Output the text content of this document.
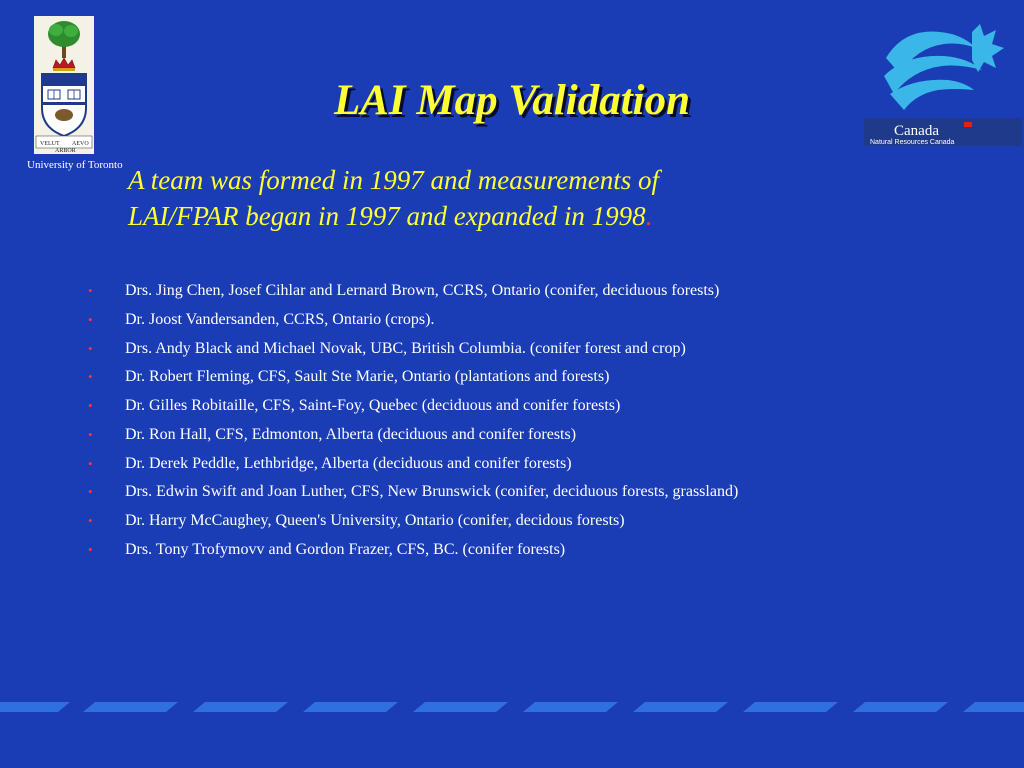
VELUT AEVO
ARBOR
University of Toronto
Canada
Natural Resources Canada
LAI Map Validation
A team was formed in 1997 and measurements of
LAI/FPAR began in 1997 and expanded in 1998.
• Drs. Jing Chen, Josef Cihlar and Lernard Brown, CCRS, Ontario (conifer, deciduous forests)
• Dr. Joost Vandersanden, CCRS, Ontario (crops).
• Drs. Andy Black and Michael Novak, UBC, British Columbia. (conifer forest and crop)
• Dr. Robert Fleming, CFS, Sault Ste Marie, Ontario (plantations and forests)
• Dr. Gilles Robitaille, CFS, Saint-Foy, Quebec (deciduous and conifer forests)
• Dr. Ron Hall, CFS, Edmonton, Alberta (deciduous and conifer forests)
• Dr. Derek Peddle, Lethbridge, Alberta (deciduous and conifer forests)
• Drs. Edwin Swift and Joan Luther, CFS, New Brunswick (conifer, deciduous forests, grassland)
• Dr. Harry McCaughey, Queen's University, Ontario (conifer, decidous forests)
• Drs. Tony Trofymovv and Gordon Frazer, CFS, BC. (conifer forests)
